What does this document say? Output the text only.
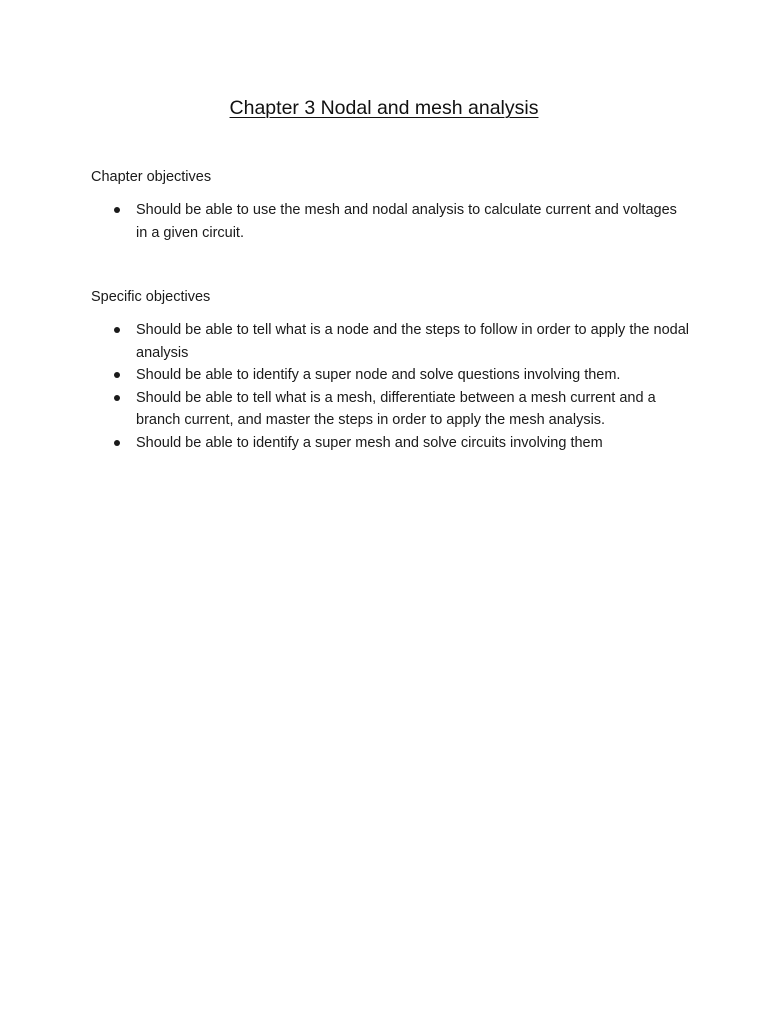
Chapter 3 Nodal and mesh analysis
Chapter objectives
Should be able to use the mesh and nodal analysis to calculate current and voltages in a given circuit.
Specific objectives
Should be able to tell what is a node and the steps to follow in order to apply the nodal analysis
Should be able to identify a super node and solve questions involving them.
Should be able to tell what is a mesh, differentiate between a mesh current and a branch current, and master the steps in order to apply the mesh analysis.
Should be able to identify a super mesh and solve circuits involving them
